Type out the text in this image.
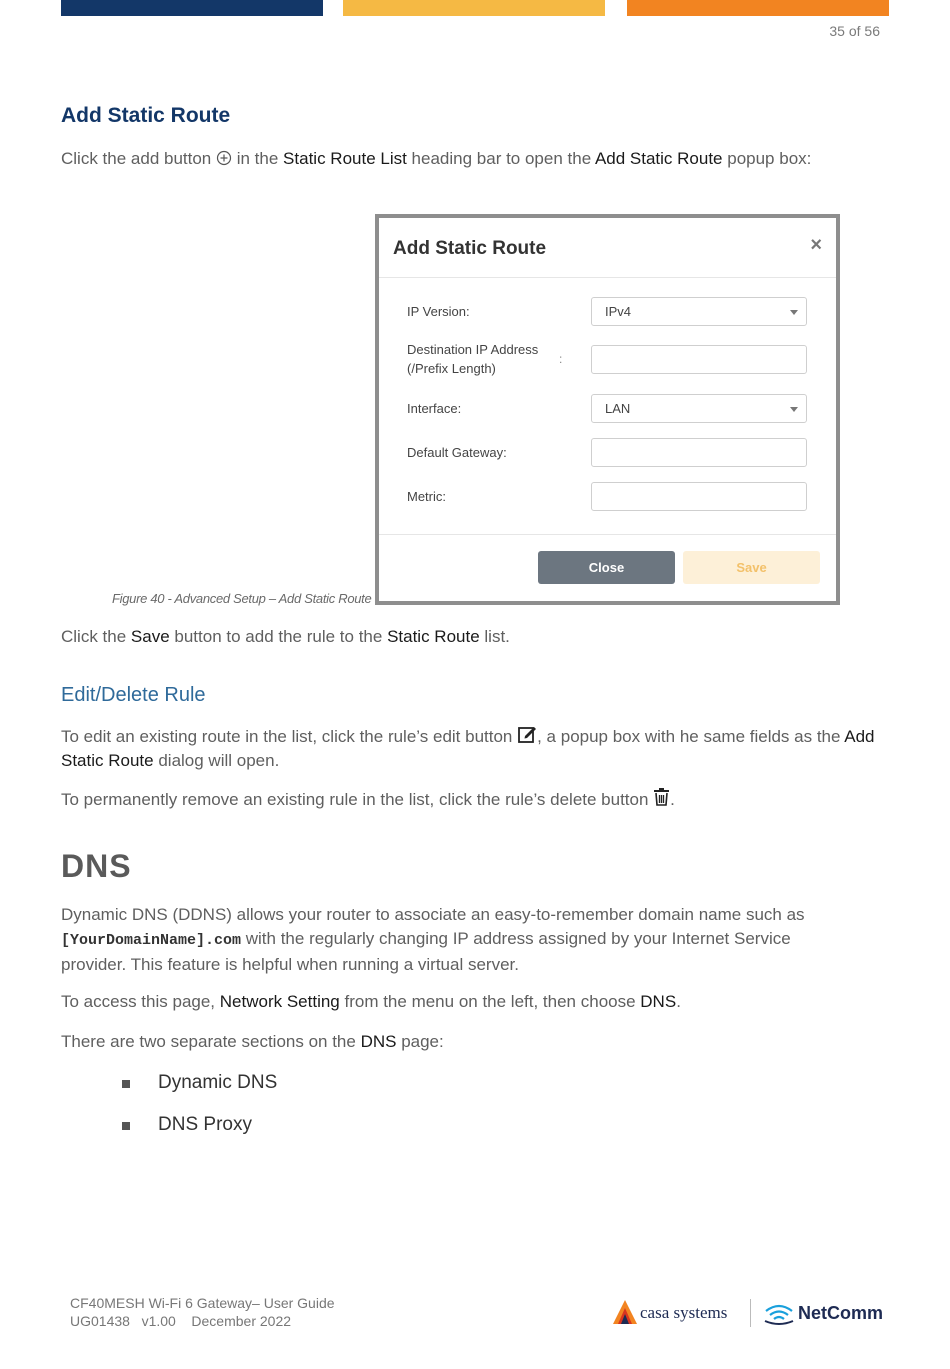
35 of 56
Add Static Route
Click the add button  in the Static Route List heading bar to open the Add Static Route popup box:
Add Static Route	×
IP Version:	IPv4
Destination IP Address
(/Prefix Length)
:
Interface:	LAN
Default Gateway:
Metric:
Close	Save
Figure 40 - Advanced Setup – Add Static Route
Click the Save button to add the rule to the Static Route list.
Edit/Delete Rule
To edit an existing route in the list, click the rule’s edit button , a popup box with he same fields as the Add
Static Route dialog will open.
To permanently remove an existing rule in the list, click the rule’s delete button .
DNS
Dynamic DNS (DDNS) allows your router to associate an easy-to-remember domain name such as
[YourDomainName].com with the regularly changing IP address assigned by your Internet Service
provider. This feature is helpful when running a virtual server.
To access this page, Network Setting from the menu on the left, then choose DNS.
There are two separate sections on the DNS page:
Dynamic DNS
DNS Proxy
CF40MESH Wi-Fi 6 Gateway– User Guide
UG01438   v1.00    December 2022	casa systems	NetComm
